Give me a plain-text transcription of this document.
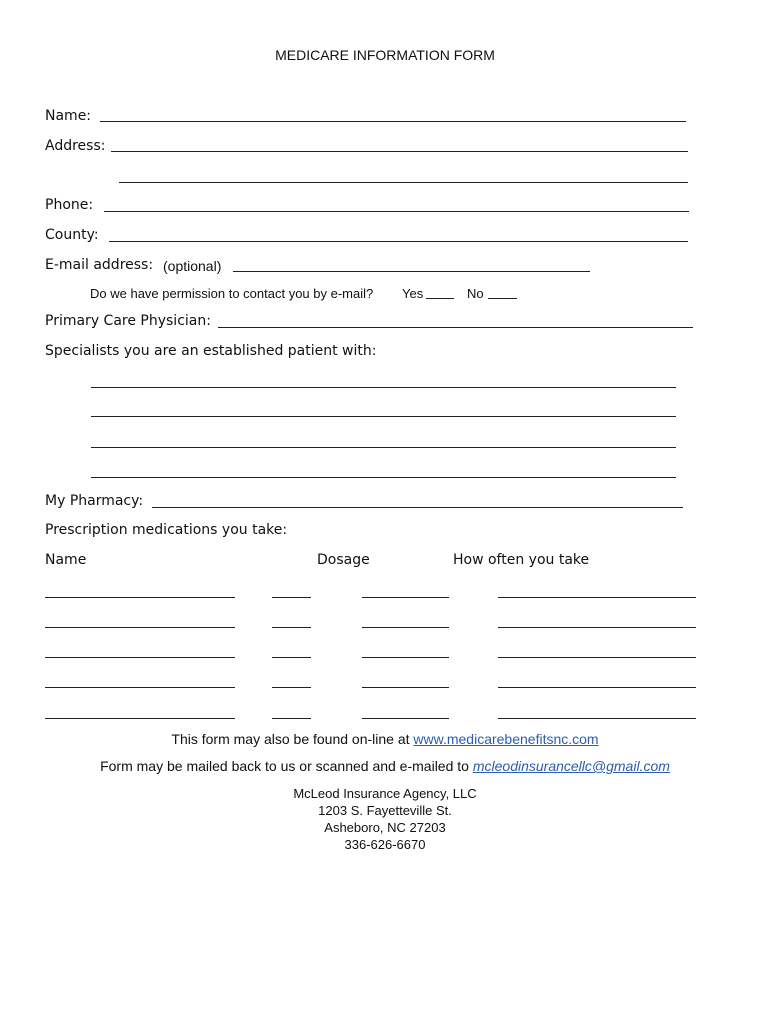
MEDICARE INFORMATION FORM
Name:
Address:
Phone:
County:
E-mail address: (optional)
Do we have permission to contact you by e-mail? Yes	No
Primary Care Physician:
Specialists you are an established patient with:
My Pharmacy:
Prescription medications you take:
Name	Dosage	How often you take
This form may also be found on-line at www.medicarebenefitsnc.com
Form may be mailed back to us or scanned and e-mailed to mcleodinsurancellc@gmail.com
McLeod Insurance Agency, LLC
1203 S. Fayetteville St.
Asheboro, NC 27203
336-626-6670
